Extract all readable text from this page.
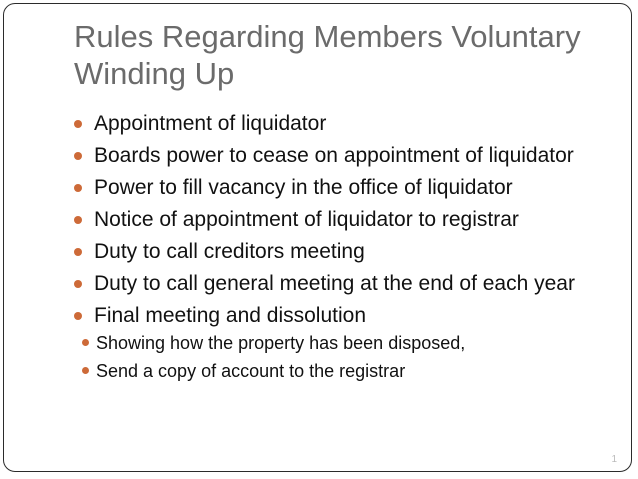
Rules Regarding Members Voluntary Winding Up
Appointment of liquidator
Boards power to cease on appointment of liquidator
Power to fill vacancy in the office of liquidator
Notice of appointment of liquidator to registrar
Duty to call creditors meeting
Duty to call general meeting at the end of each year
Final meeting and dissolution
Showing how the property has been disposed,
Send a copy of account to the registrar
1
